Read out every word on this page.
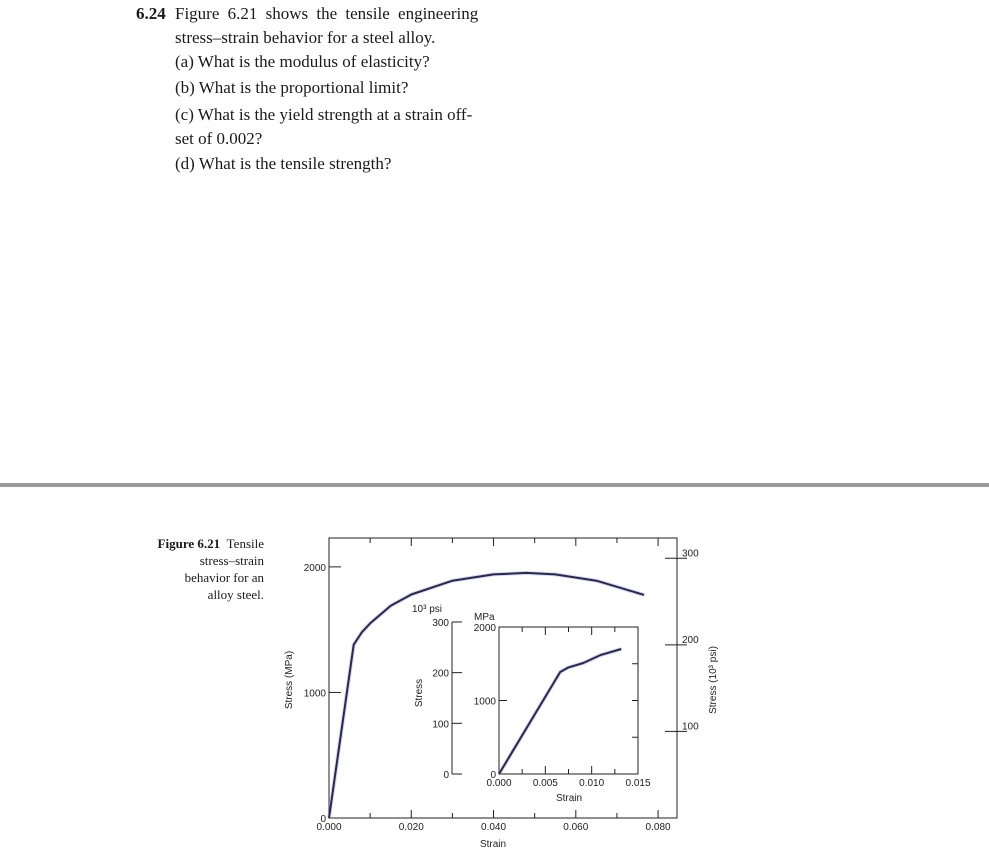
6.24 Figure 6.21 shows the tensile engineering
stress–strain behavior for a steel alloy.
(a) What is the modulus of elasticity?
(b) What is the proportional limit?
(c) What is the yield strength at a strain off-
set of 0.002?
(d) What is the tensile strength?
Figure 6.21 Tensile
stress–strain
behavior for an
alloy steel.
Strain
Stress (MPa)	Stress (10³ psi)
Stress
Strain
10³ psi
MPa
0.000	0.020	0.040	0.060	0.080
0
1000
2000
100
200
300
0.000 0.005 0.010 0.015
0
1000
2000
0
100
200
300
